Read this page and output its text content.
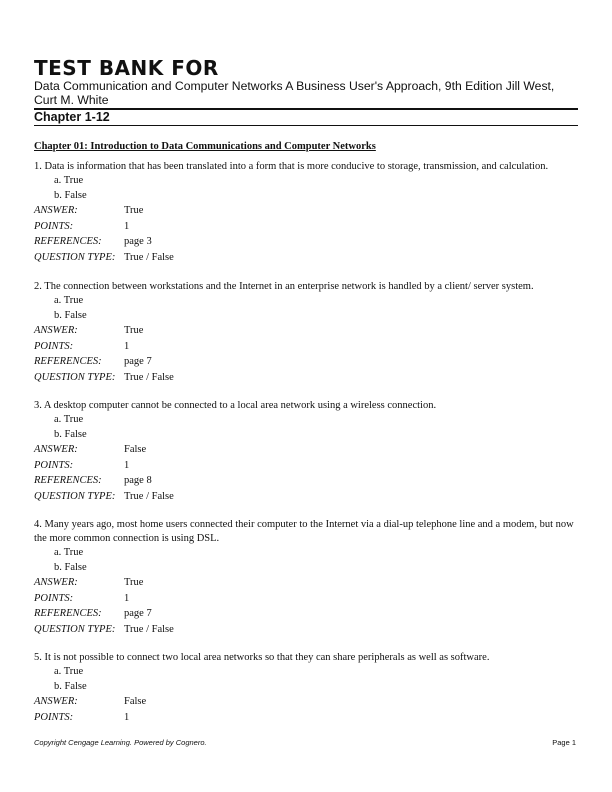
TEST BANK FOR
Data Communication and Computer Networks A Business User's Approach, 9th Edition Jill West, Curt M. White
Chapter 1-12
Chapter 01: Introduction to Data Communications and Computer Networks

1. Data is information that has been translated into a form that is more conducive to storage, transmission, and calculation.

a. True
b. False
ANSWER:	True
POINTS:	1
REFERENCES:	page 3
QUESTION TYPE: True / False

2. The connection between workstations and the Internet in an enterprise network is handled by a client/ server system.

a. True
b. False
ANSWER:	True
POINTS:	1
REFERENCES:	page 7
QUESTION TYPE: True / False

3. A desktop computer cannot be connected to a local area network using a wireless connection.

a. True
b. False
ANSWER:	False
POINTS:	1
REFERENCES:	page 8
QUESTION TYPE: True / False

4. Many years ago, most home users connected their computer to the Internet via a dial-up telephone line and a modem, but now the more common connection is using DSL.

a. True
b. False
ANSWER:	True
POINTS:	1
REFERENCES:	page 7
QUESTION TYPE: True / False

5. It is not possible to connect two local area networks so that they can share peripherals as well as software.

a. True
b. False
ANSWER:	False
POINTS:	1
Copyright Cengage Learning. Powered by Cognero.	Page 1
